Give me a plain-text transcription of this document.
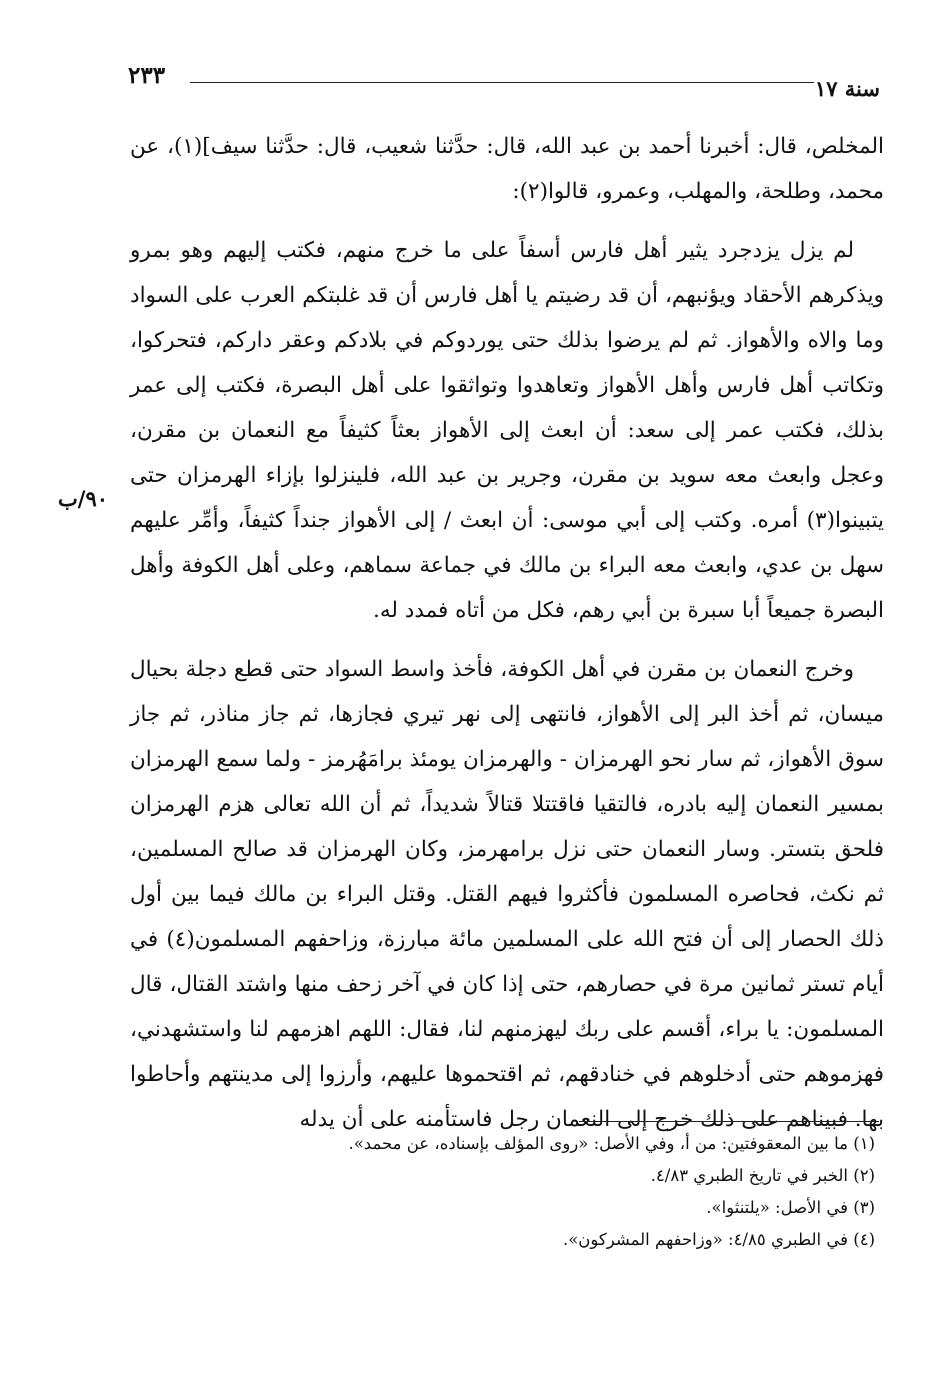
سنة ١٧
٢٣٣

المخلص، قال: أخبرنا أحمد بن عبد الله، قال: حدَّثنا شعيب، قال: حدَّثنا سيف](١)، عن محمد، وطلحة، والمهلب، وعمرو، قالوا(٢):

لم يزل يزدجرد يثير أهل فارس أسفاً على ما خرج منهم، فكتب إليهم وهو بمرو ويذكرهم الأحقاد ويؤنبهم، أن قد رضيتم يا أهل فارس أن قد غلبتكم العرب على السواد وما والاه والأهواز. ثم لم يرضوا بذلك حتى يوردوكم في بلادكم وعقر داركم، فتحركوا، وتكاتب أهل فارس وأهل الأهواز وتعاهدوا وتواثقوا على أهل البصرة، فكتب إلى عمر بذلك، فكتب عمر إلى سعد: أن ابعث إلى الأهواز بعثاً كثيفاً مع النعمان بن مقرن، وعجل وابعث معه سويد بن مقرن، وجرير بن عبد الله، فلينزلوا بإزاء الهرمزان حتى يتبينوا(٣) أمره. وكتب إلى أبي موسى: أن ابعث / إلى الأهواز جنداً كثيفاً، وأمِّر عليهم سهل بن عدي، وابعث معه البراء بن مالك في جماعة سماهم، وعلى أهل الكوفة وأهل البصرة جميعاً أبا سبرة بن أبي رهم، فكل من أتاه فمدد له.

وخرج النعمان بن مقرن في أهل الكوفة، فأخذ واسط السواد حتى قطع دجلة بحيال ميسان، ثم أخذ البر إلى الأهواز، فانتهى إلى نهر تيري فجازها، ثم جاز مناذر، ثم جاز سوق الأهواز، ثم سار نحو الهرمزان - والهرمزان يومئذ برامَهُرمز - ولما سمع الهرمزان بمسير النعمان إليه بادره، فالتقيا فاقتتلا قتالاً شديداً، ثم أن الله تعالى هزم الهرمزان فلحق بتستر. وسار النعمان حتى نزل برامهرمز، وكان الهرمزان قد صالح المسلمين، ثم نكث، فحاصره المسلمون فأكثروا فيهم القتل. وقتل البراء بن مالك فيما بين أول ذلك الحصار إلى أن فتح الله على المسلمين مائة مبارزة، وزاحفهم المسلمون(٤) في أيام تستر ثمانين مرة في حصارهم، حتى إذا كان في آخر زحف منها واشتد القتال، قال المسلمون: يا براء، أقسم على ربك ليهزمنهم لنا، فقال: اللهم اهزمهم لنا واستشهدني، فهزموهم حتى أدخلوهم في خنادقهم، ثم اقتحموها عليهم، وأرزوا إلى مدينتهم وأحاطوا بها. فبيناهم على ذلك خرج إلى النعمان رجل فاستأمنه على أن يدله

٩٠/ب
(١) ما بين المعقوفتين: من أ، وفي الأصل: «روى المؤلف بإسناده، عن محمد».
(٢) الخبر في تاريخ الطبري ٤/٨٣.
(٣) في الأصل: «يلتنثوا».
(٤) في الطبري ٤/٨٥: «وزاحفهم المشركون».
